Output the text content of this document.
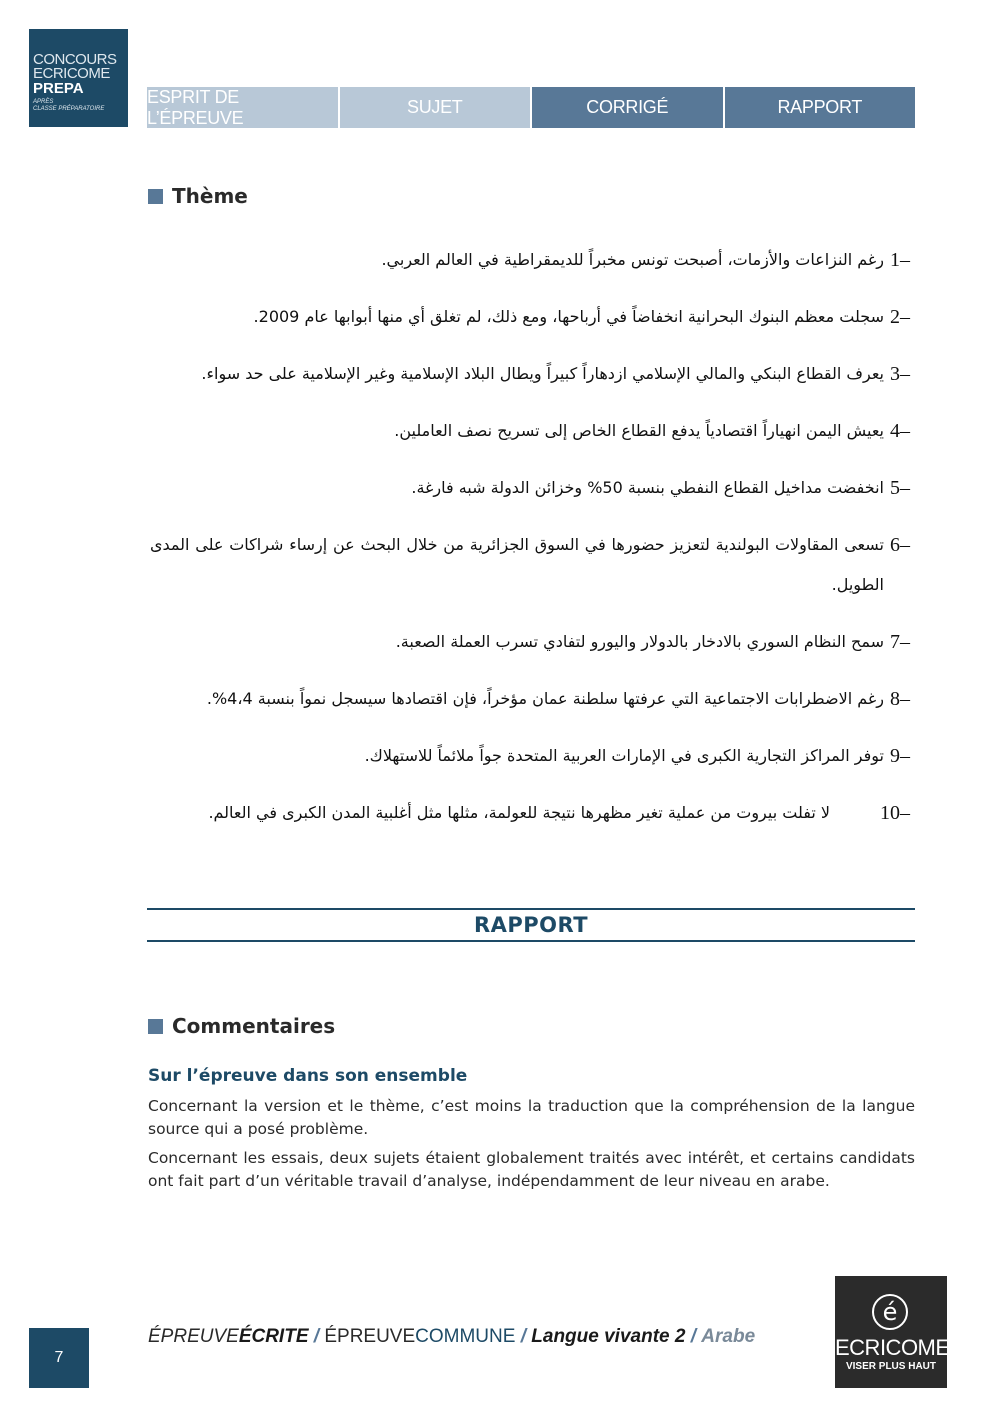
CONCOURS
ECRICOME
PREPA
APRÈS
CLASSE PRÉPARATOIRE
ESPRIT DE L’ÉPREUVE
SUJET	CORRIGÉ	RAPPORT
Thème
1–
رغم النزاعات والأزمات، أصبحت تونس مخبراً للديمقراطية في العالم العربي.
2–
سجلت معظم البنوك البحرانية انخفاضاً في أرباحها، ومع ذلك، لم تغلق أي منها أبوابها عام 2009.
3–
يعرف القطاع البنكي والمالي الإسلامي ازدهاراً كبيراً ويطال البلاد الإسلامية وغير الإسلامية على حد سواء.
4–
يعيش اليمن انهياراً اقتصادياً يدفع القطاع الخاص إلى تسريح نصف العاملين.
5–
انخفضت مداخيل القطاع النفطي بنسبة 50% وخزائن الدولة شبه فارغة.
6–
تسعى المقاولات البولندية لتعزيز حضورها في السوق الجزائرية من خلال البحث عن إرساء شراكات على المدى الطويل.
7–
سمح النظام السوري بالادخار بالدولار واليورو لتفادي تسرب العملة الصعبة.
8–
رغم الاضطرابات الاجتماعية التي عرفتها سلطنة عمان مؤخراً، فإن اقتصادها سيسجل نمواً بنسبة 4،4%.
9–
توفر المراكز التجارية الكبرى في الإمارات العربية المتحدة جواً ملائماً للاستهلاك.
10–
لا تفلت بيروت من عملية تغير مظهرها نتيجة للعولمة، مثلها مثل أغلبية المدن الكبرى في العالم.
RAPPORT
Commentaires
Sur l’épreuve dans son ensemble

Concernant la version et le thème, c’est moins la traduction que la compréhension de la langue source qui a posé problème.

Concernant les essais, deux sujets étaient globalement traités avec intérêt, et certains candidats ont fait part d’un véritable travail d’analyse, indépendamment de leur niveau en arabe.

7
ÉPREUVEÉCRITE / ÉPREUVECOMMUNE / Langue vivante 2 / Arabe
é
ECRICOME
VISER PLUS HAUT
